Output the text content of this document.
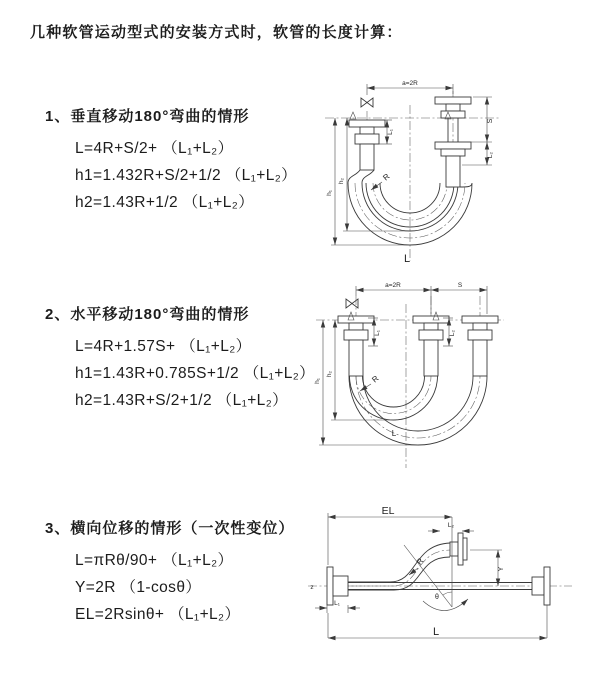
几种软管运动型式的安装方式时，软管的长度计算：
1、垂直移动180°弯曲的情形
L=4R+S/2+ （L₁+L₂）
h1=1.432R+S/2+1/2 （L₁+L₂）
h2=1.43R+1/2 （L₁+L₂）
2、水平移动180°弯曲的情形
L=4R+1.57S+ （L₁+L₂）
h1=1.43R+0.785S+1/2 （L₁+L₂）
h2=1.43R+S/2+1/2 （L₁+L₂）
3、横向位移的情形（一次性变位）
L=πRθ/90+ （L₁+L₂）
Y=2R （1-cosθ）
EL=2Rsinθ+ （L₁+L₂）
a=2R
S
L₂
L₁
h₁
h₂	R
L
a=2R	S
L₁	L₂
h₁
h₂	R
L
EL
L₂
Y
R
θ
L₁
L
z
